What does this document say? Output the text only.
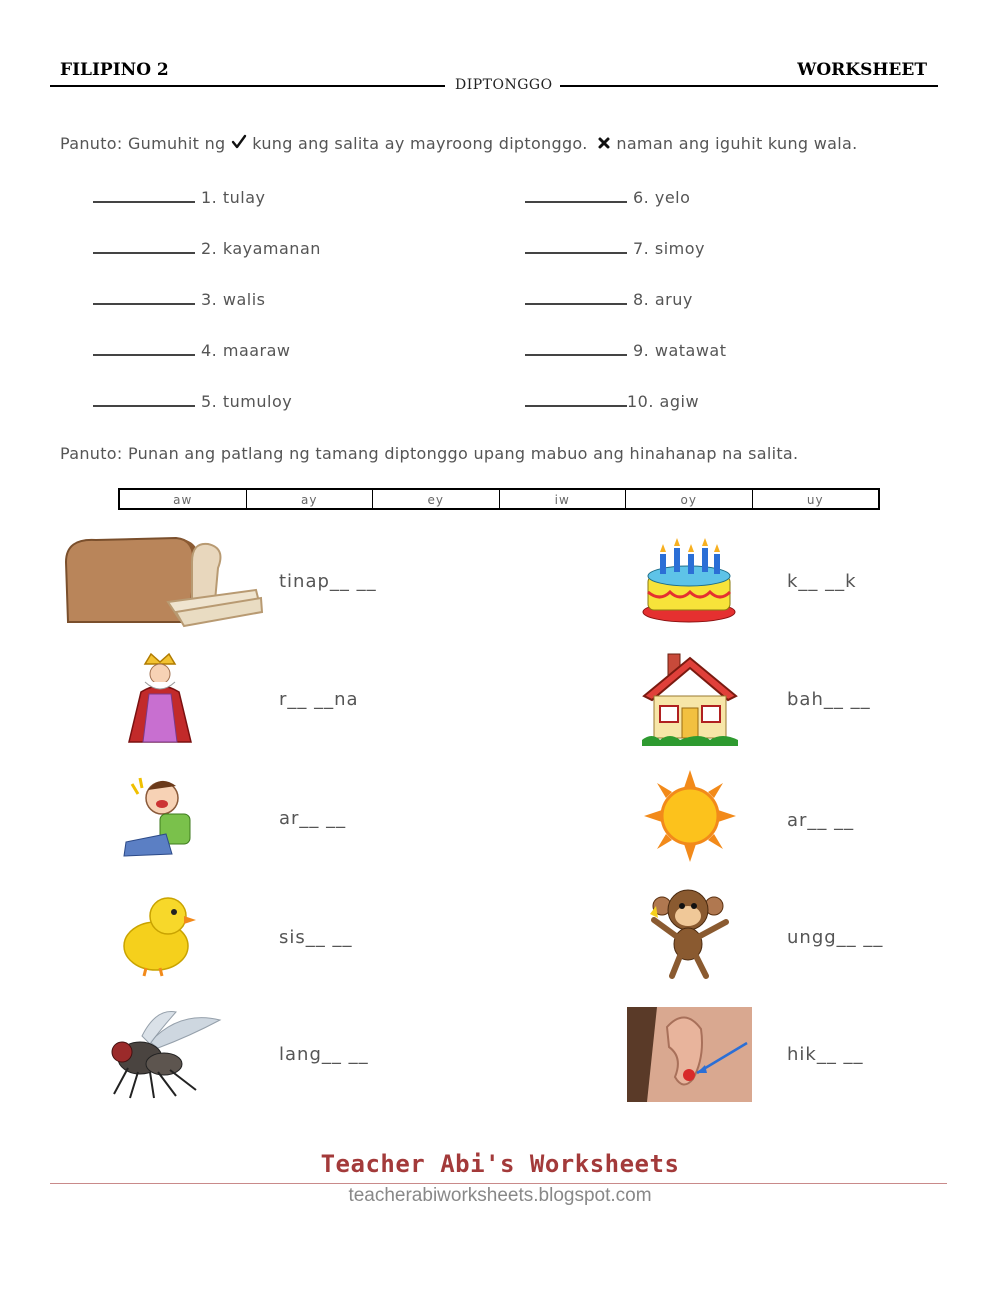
FILIPINO 2	WORKSHEET
DIPTONGGO
Panuto: Gumuhit ng kung ang salita ay mayroong diptonggo. naman ang iguhit kung wala.
1. tulay
2. kayamanan
3. walis
4. maaraw
5. tumuloy
6. yelo
7. simoy
8. aruy
9. watawat
10. agiw
Panuto: Punan ang patlang ng tamang diptonggo upang mabuo ang hinahanap na salita.
aw	ay	ey	iw	oy	uy
tinap__ __
r__ __na
ar__ __
sis__ __
lang__ __
k__ __k
bah__ __
ar__ __
ungg__ __
hik__ __
Teacher Abi's Worksheets
teacherabiworksheets.blogspot.com
